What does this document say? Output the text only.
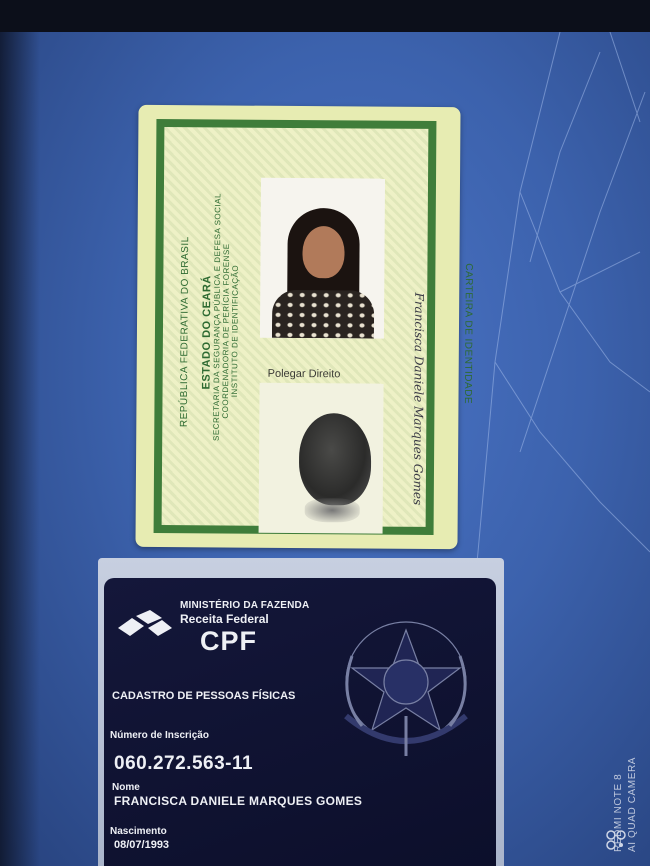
REPÚBLICA FEDERATIVA DO BRASIL ESTADO DO CEARÁ
SECRETARIA DA SEGURANÇA PÚBLICA E DEFESA SOCIAL
COORDENADORIA DE PERÍCIA FORENSE
INSTITUTO DE IDENTIFICAÇÃO	CARTEIRA DE IDENTIDADE
Polegar Direito	Francisca Daniele Marques Gomes
MINISTÉRIO DA FAZENDA
Receita Federal
CPF
CADASTRO DE PESSOAS FÍSICAS
Número de Inscrição
060.272.563-11
Nome
FRANCISCA DANIELE MARQUES GOMES
Nascimento
08/07/1993	REDMI NOTE 8 AI QUAD CAMERA
